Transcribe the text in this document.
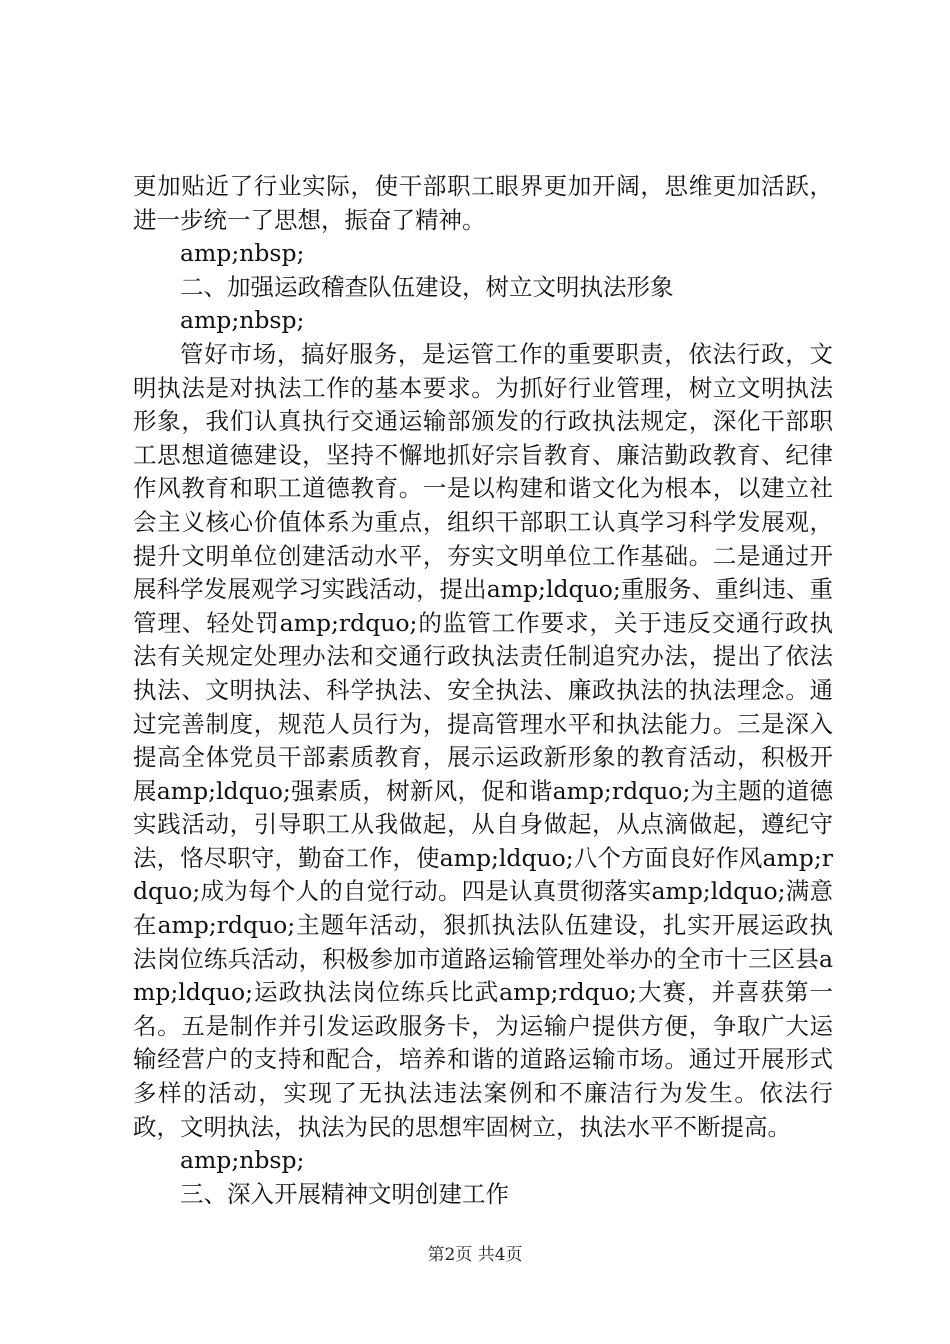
更加贴近了行业实际，使干部职工眼界更加开阔，思维更加活跃，进一步统一了思想，振奋了精神。

amp;nbsp;

二、加强运政稽查队伍建设，树立文明执法形象

amp;nbsp;

管好市场，搞好服务，是运管工作的重要职责，依法行政，文明执法是对执法工作的基本要求。为抓好行业管理，树立文明执法形象，我们认真执行交通运输部颁发的行政执法规定，深化干部职工思想道德建设，坚持不懈地抓好宗旨教育、廉洁勤政教育、纪律作风教育和职工道德教育。一是以构建和谐文化为根本，以建立社会主义核心价值体系为重点，组织干部职工认真学习科学发展观，提升文明单位创建活动水平，夯实文明单位工作基础。二是通过开展科学发展观学习实践活动，提出amp;ldquo;重服务、重纠违、重管理、轻处罚amp;rdquo;的监管工作要求，关于违反交通行政执法有关规定处理办法和交通行政执法责任制追究办法，提出了依法执法、文明执法、科学执法、安全执法、廉政执法的执法理念。通过完善制度，规范人员行为，提高管理水平和执法能力。三是深入提高全体党员干部素质教育，展示运政新形象的教育活动，积极开展amp;ldquo;强素质，树新风，促和谐amp;rdquo;为主题的道德实践活动，引导职工从我做起，从自身做起，从点滴做起，遵纪守法，恪尽职守，勤奋工作，使amp;ldquo;八个方面良好作风amp;rdquo;成为每个人的自觉行动。四是认真贯彻落实amp;ldquo;满意在amp;rdquo;主题年活动，狠抓执法队伍建设，扎实开展运政执法岗位练兵活动，积极参加市道路运输管理处举办的全市十三区县amp;ldquo;运政执法岗位练兵比武amp;rdquo;大赛，并喜获第一名。五是制作并引发运政服务卡，为运输户提供方便，争取广大运输经营户的支持和配合，培养和谐的道路运输市场。通过开展形式多样的活动，实现了无执法违法案例和不廉洁行为发生。依法行政，文明执法，执法为民的思想牢固树立，执法水平不断提高。

amp;nbsp;

三、深入开展精神文明创建工作

第2页 共4页
